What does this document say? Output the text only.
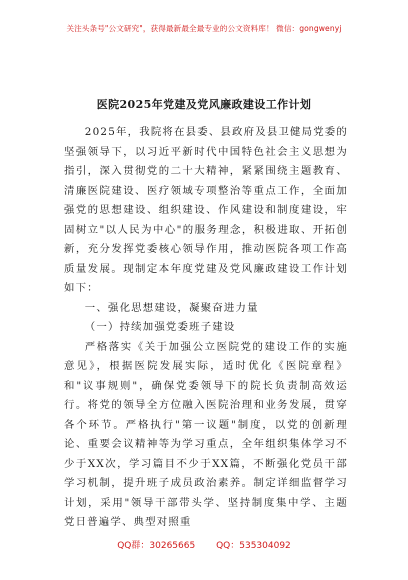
关注头条号"公文研究"，获得最新最全最专业的公文资料库！ 微信：gongwenyj
医院2025年党建及党风廉政建设工作计划

2025年，我院将在县委、县政府及县卫健局党委的坚强领导下，以习近平新时代中国特色社会主义思想为指引，深入贯彻党的二十大精神，紧紧围绕主题教育、清廉医院建设、医疗领域专项整治等重点工作，全面加强党的思想建设、组织建设、作风建设和制度建设，牢固树立"以人民为中心"的服务理念，积极进取、开拓创新，充分发挥党委核心领导作用，推动医院各项工作高质量发展。现制定本年度党建及党风廉政建设工作计划如下：

一、强化思想建设，凝聚奋进力量

（一）持续加强党委班子建设

严格落实《关于加强公立医院党的建设工作的实施意见》，根据医院发展实际，适时优化《医院章程》和"议事规则"，确保党委领导下的院长负责制高效运行。将党的领导全方位融入医院治理和业务发展，贯穿各个环节。严格执行"第一议题"制度，以党的创新理论、重要会议精神等为学习重点，全年组织集体学习不少于XX次，学习篇目不少于XX篇，不断强化党员干部学习机制，提升班子成员政治素养。制定详细监督学习计划，采用"领导干部带头学、坚持制度集中学、主题党日普遍学、典型对照重

QQ群：30265665 QQ：535304092
